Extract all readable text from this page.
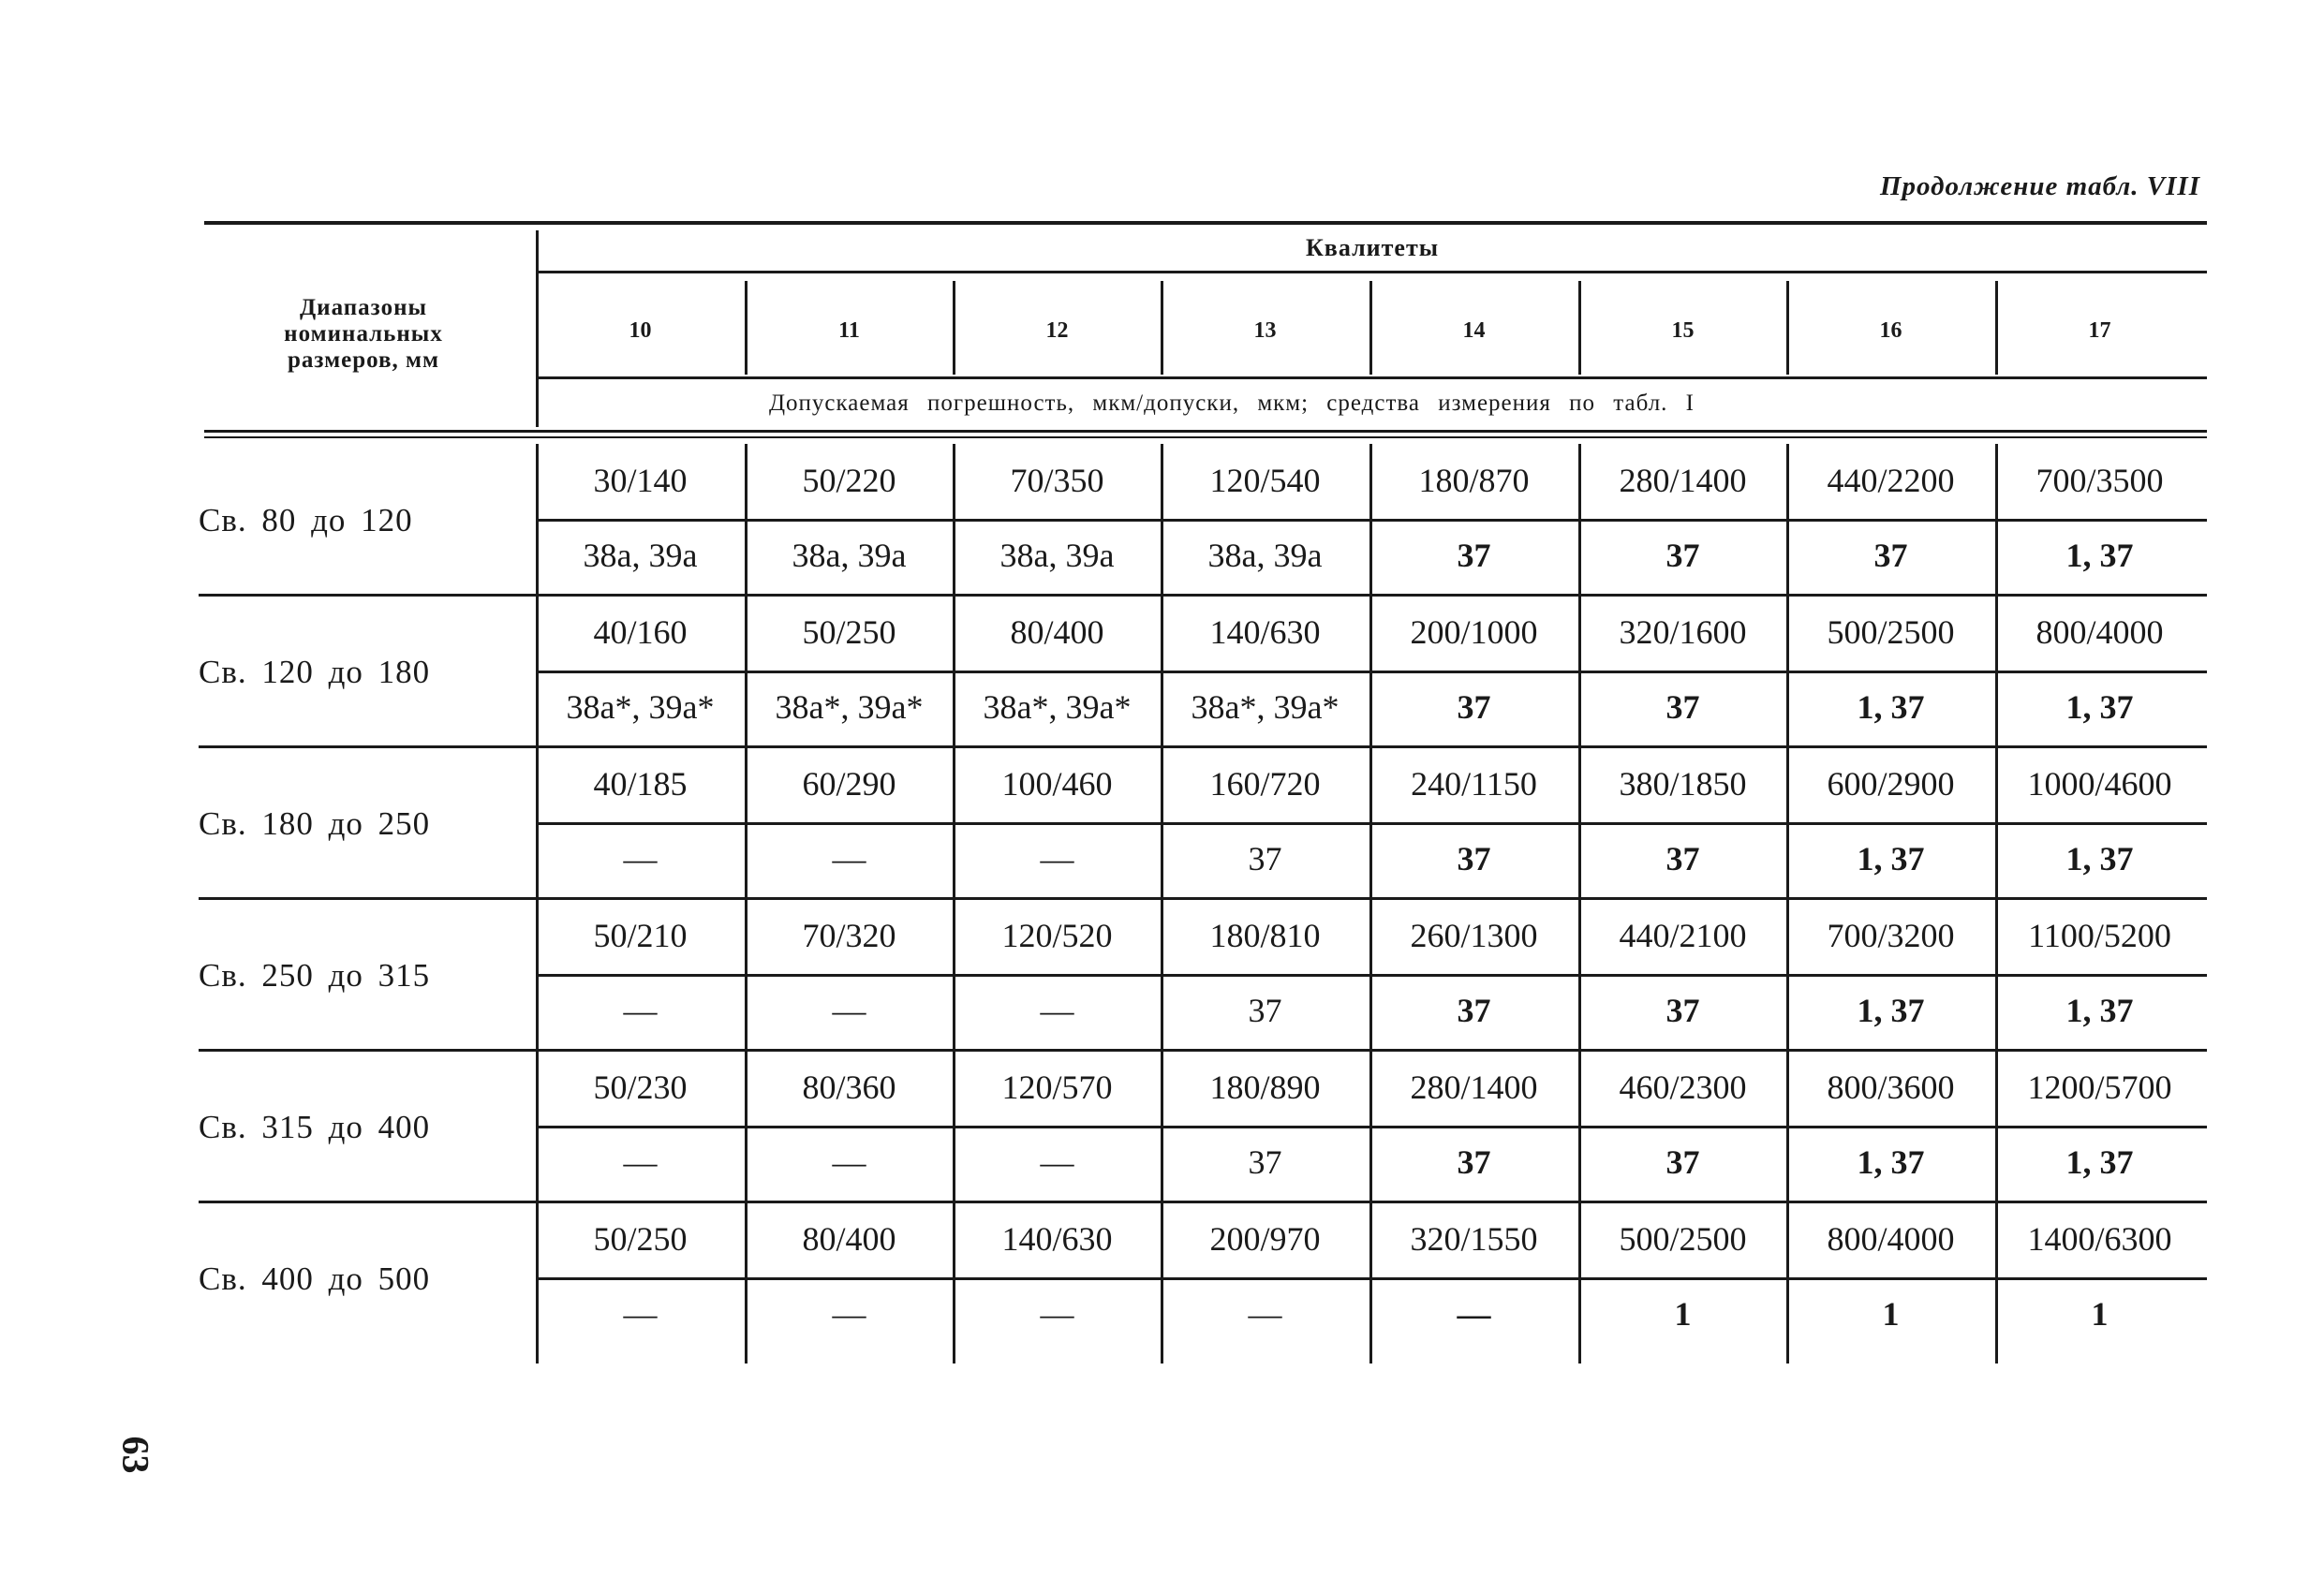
Продолжение табл. VIII
Диапазоны
номинальных
размеров, мм
Квалитеты
Допускаемая погрешность, мкм/допуски, мкм; средства измерения по табл. I
10	11	12	13	14	15	16	17
Св. 80 до 120
30/140	50/220	70/350	120/540	180/870	280/1400	440/2200	700/3500
38а, 39а	38а, 39а	38а, 39а	38а, 39а	37	37	37	1, 37
Св. 120 до 180
40/160	50/250	80/400	140/630	200/1000	320/1600	500/2500	800/4000
38а*, 39а*	38а*, 39а*	38а*, 39а*	38а*, 39а*	37	37	1, 37	1, 37
Св. 180 до 250
40/185	60/290	100/460	160/720	240/1150	380/1850	600/2900	1000/4600
—	—	—	37	37	37	1, 37	1, 37
Св. 250 до 315
50/210	70/320	120/520	180/810	260/1300	440/2100	700/3200	1100/5200
—	—	—	37	37	37	1, 37	1, 37
Св. 315 до 400
50/230	80/360	120/570	180/890	280/1400	460/2300	800/3600	1200/5700
—	—	—	37	37	37	1, 37	1, 37
Св. 400 до 500
50/250	80/400	140/630	200/970	320/1550	500/2500	800/4000	1400/6300
—	—	—	—	—	1	1	1
63
